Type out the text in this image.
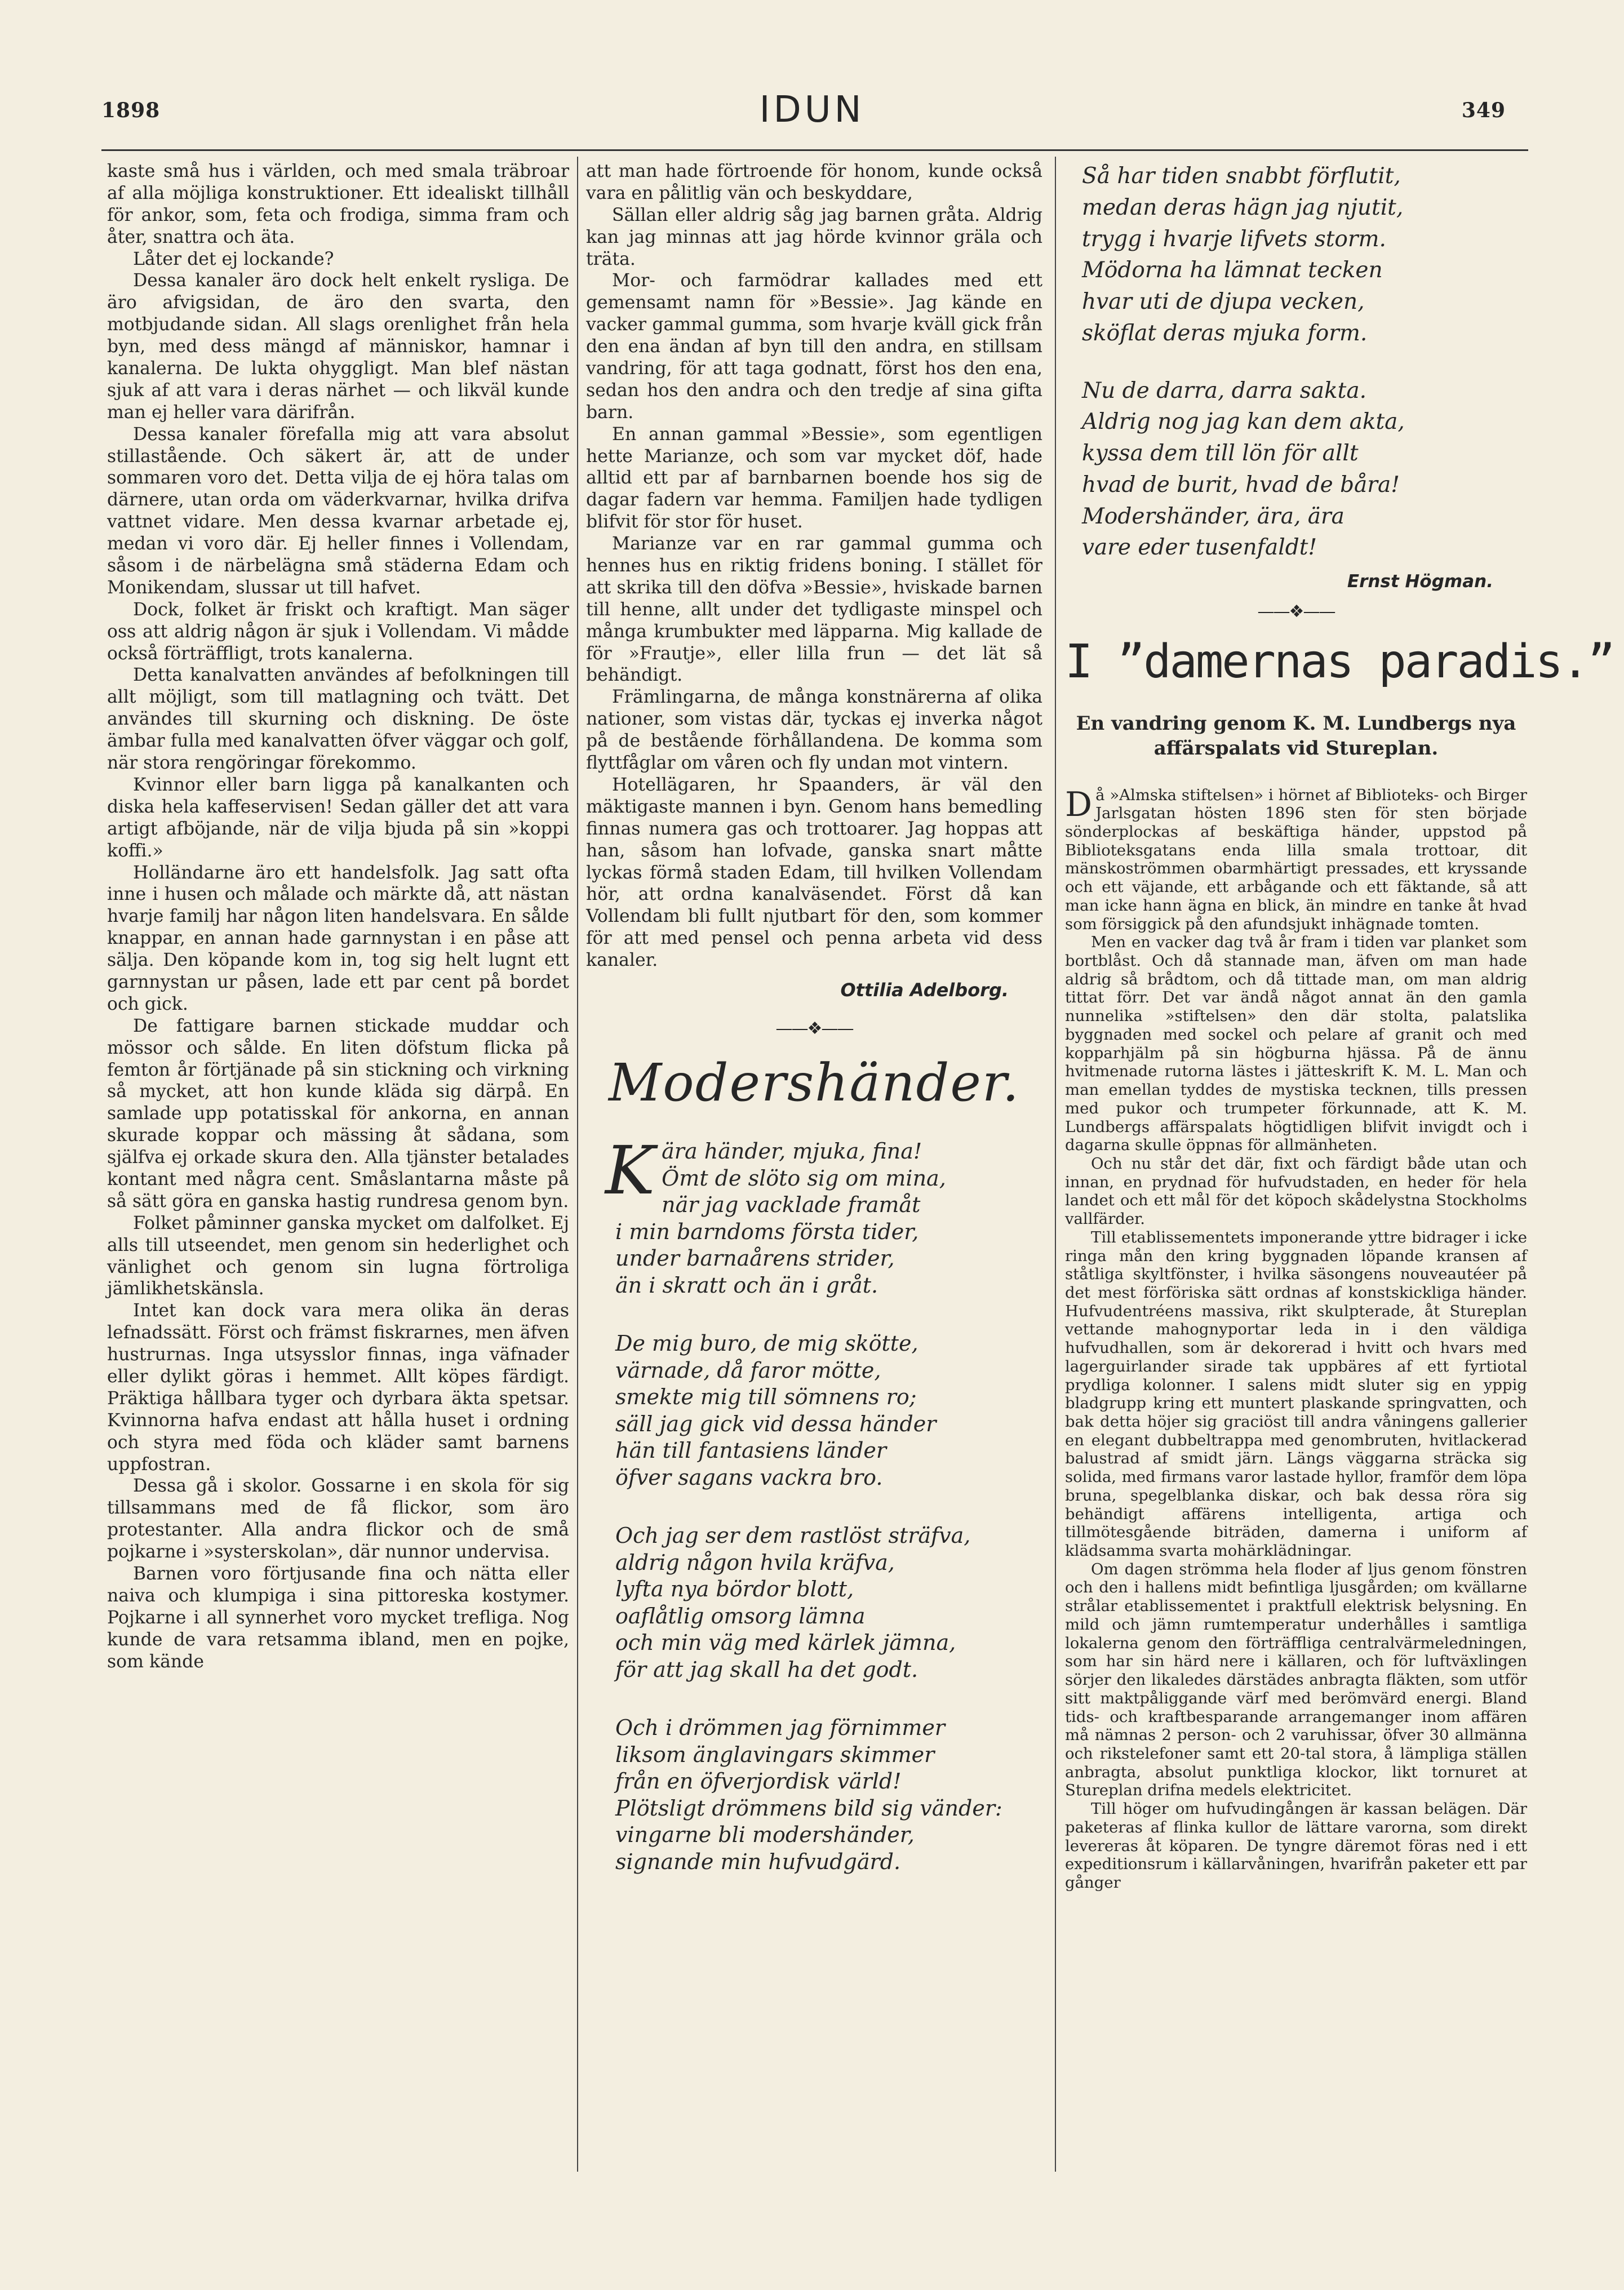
1898	IDUN	349

kaste små hus i världen, och med smala träbroar af alla möjliga konstruktioner. Ett idealiskt tillhåll för ankor, som, feta och frodiga, simma fram och åter, snattra och äta.

Låter det ej lockande?

Dessa kanaler äro dock helt enkelt rysliga. De äro afvigsidan, de äro den svarta, den motbjudande sidan. All slags orenlighet från hela byn, med dess mängd af människor, hamnar i kanalerna. De lukta ohyggligt. Man blef nästan sjuk af att vara i deras närhet — och likväl kunde man ej heller vara därifrån.

Dessa kanaler förefalla mig att vara absolut stillastående. Och säkert är, att de under sommaren voro det. Detta vilja de ej höra talas om därnere, utan orda om väderkvarnar, hvilka drifva vattnet vidare. Men dessa kvarnar arbetade ej, medan vi voro där. Ej heller finnes i Vollendam, såsom i de närbelägna små städerna Edam och Monikendam, slussar ut till hafvet.

Dock, folket är friskt och kraftigt. Man säger oss att aldrig någon är sjuk i Vollendam. Vi mådde också förträffligt, trots kanalerna.

Detta kanalvatten användes af befolkningen till allt möjligt, som till matlagning och tvätt. Det användes till skurning och diskning. De öste ämbar fulla med kanalvatten öfver väggar och golf, när stora rengöringar förekommo.

Kvinnor eller barn ligga på kanalkanten och diska hela kaffeservisen! Sedan gäller det att vara artigt afböjande, när de vilja bjuda på sin »koppi koffi.»

Holländarne äro ett handelsfolk. Jag satt ofta inne i husen och målade och märkte då, att nästan hvarje familj har någon liten handelsvara. En sålde knappar, en annan hade garnnystan i en påse att sälja. Den köpande kom in, tog sig helt lugnt ett garnnystan ur påsen, lade ett par cent på bordet och gick.

De fattigare barnen stickade muddar och mössor och sålde. En liten döfstum flicka på femton år förtjänade på sin stickning och virkning så mycket, att hon kunde kläda sig därpå. En samlade upp potatisskal för ankorna, en annan skurade koppar och mässing åt sådana, som själfva ej orkade skura den. Alla tjänster betalades kontant med några cent. Småslantarna måste på så sätt göra en ganska hastig rundresa genom byn.

Folket påminner ganska mycket om dalfolket. Ej alls till utseendet, men genom sin hederlighet och vänlighet och genom sin lugna förtroliga jämlikhetskänsla.

Intet kan dock vara mera olika än deras lefnadssätt. Först och främst fiskrarnes, men äfven hustrurnas. Inga utsysslor finnas, inga väfnader eller dylikt göras i hemmet. Allt köpes färdigt. Präktiga hållbara tyger och dyrbara äkta spetsar. Kvinnorna hafva endast att hålla huset i ordning och styra med föda och kläder samt barnens uppfostran.

Dessa gå i skolor. Gossarne i en skola för sig tillsammans med de få flickor, som äro protestanter. Alla andra flickor och de små pojkarne i »systerskolan», där nunnor undervisa.

Barnen voro förtjusande fina och nätta eller naiva och klumpiga i sina pittoreska kostymer. Pojkarne i all synnerhet voro mycket trefliga. Nog kunde de vara retsamma ibland, men en pojke, som kände

att man hade förtroende för honom, kunde också vara en pålitlig vän och beskyddare,

Sällan eller aldrig såg jag barnen gråta. Aldrig kan jag minnas att jag hörde kvinnor gräla och träta.

Mor- och farmödrar kallades med ett gemensamt namn för »Bessie». Jag kände en vacker gammal gumma, som hvarje kväll gick från den ena ändan af byn till den andra, en stillsam vandring, för att taga godnatt, först hos den ena, sedan hos den andra och den tredje af sina gifta barn.

En annan gammal »Bessie», som egentligen hette Marianze, och som var mycket döf, hade alltid ett par af barnbarnen boende hos sig de dagar fadern var hemma. Familjen hade tydligen blifvit för stor för huset.

Marianze var en rar gammal gumma och hennes hus en riktig fridens boning. I stället för att skrika till den döfva »Bessie», hviskade barnen till henne, allt under det tydligaste minspel och många krumbukter med läpparna. Mig kallade de för »Frautje», eller lilla frun — det lät så behändigt.

Främlingarna, de många konstnärerna af olika nationer, som vistas där, tyckas ej inverka något på de bestående förhållandena. De komma som flyttfåglar om våren och fly undan mot vintern.

Hotellägaren, hr Spaanders, är väl den mäktigaste mannen i byn. Genom hans bemedling finnas numera gas och trottoarer. Jag hoppas att han, såsom han lofvade, ganska snart måtte lyckas förmå staden Edam, till hvilken Vollendam hör, att ordna kanalväsendet. Först då kan Vollendam bli fullt njutbart för den, som kommer för att med pensel och penna arbeta vid dess kanaler.

Ottilia Adelborg.

——❖——
Modershänder.
K ära händer, mjuka, fina!
Ömt de slöto sig om mina,
när jag vacklade framåt
i min barndoms första tider,
under barnaårens strider,
än i skratt och än i gråt.
De mig buro, de mig skötte,
värnade, då faror mötte,
smekte mig till sömnens ro;
säll jag gick vid dessa händer
hän till fantasiens länder
öfver sagans vackra bro.
Och jag ser dem rastlöst sträfva,
aldrig någon hvila kräfva,
lyfta nya bördor blott,
oaflåtlig omsorg lämna
och min väg med kärlek jämna,
för att jag skall ha det godt.
Och i drömmen jag förnimmer
liksom änglavingars skimmer
från en öfverjordisk värld!
Plötsligt drömmens bild sig vänder:
vingarne bli modershänder,
signande min hufvudgärd.
Så har tiden snabbt förflutit,
medan deras hägn jag njutit,
trygg i hvarje lifvets storm.
Mödorna ha lämnat tecken
hvar uti de djupa vecken,
sköflat deras mjuka form.
Nu de darra, darra sakta.
Aldrig nog jag kan dem akta,
kyssa dem till lön för allt
hvad de burit, hvad de båra!
Modershänder, ära, ära
vare eder tusenfaldt!

Ernst Högman.

——❖——
I ”damernas paradis.”
En vandring genom K. M. Lundbergs nya affärspalats vid Stureplan.

Då »Almska stiftelsen» i hörnet af Biblioteks- och Birger Jarlsgatan hösten 1896 sten för sten började sönderplockas af beskäftiga händer, uppstod på Biblioteksgatans enda lilla smala trottoar, dit mänskoströmmen obarmhärtigt pressades, ett kryssande och ett väjande, ett arbågande och ett fäktande, så att man icke hann ägna en blick, än mindre en tanke åt hvad som försiggick på den afundsjukt inhägnade tomten.

Men en vacker dag två år fram i tiden var planket som bortblåst. Och då stannade man, äfven om man hade aldrig så brådtom, och då tittade man, om man aldrig tittat förr. Det var ändå något annat än den gamla nunnelika »stiftelsen» den där stolta, palatslika byggnaden med sockel och pelare af granit och med kopparhjälm på sin högburna hjässa. På de ännu hvitmenade rutorna lästes i jätteskrift K. M. L. Man och man emellan tyddes de mystiska tecknen, tills pressen med pukor och trumpeter förkunnade, att K. M. Lundbergs affärspalats högtidligen blifvit invigdt och i dagarna skulle öppnas för allmänheten.

Och nu står det där, fixt och färdigt både utan och innan, en prydnad för hufvudstaden, en heder för hela landet och ett mål för det köpoch skådelystna Stockholms vallfärder.

Till etablissementets imponerande yttre bidrager i icke ringa mån den kring byggnaden löpande kransen af ståtliga skyltfönster, i hvilka säsongens nouveautéer på det mest förföriska sätt ordnas af konstskickliga händer. Hufvudentréens massiva, rikt skulpterade, åt Stureplan vettande mahognyportar leda in i den väldiga hufvudhallen, som är dekorerad i hvitt och hvars med lagerguirlander sirade tak uppbäres af ett fyrtiotal prydliga kolonner. I salens midt sluter sig en yppig bladgrupp kring ett muntert plaskande springvatten, och bak detta höjer sig graciöst till andra våningens gallerier en elegant dubbeltrappa med genombruten, hvitlackerad balustrad af smidt järn. Längs väggarna sträcka sig solida, med firmans varor lastade hyllor, framför dem löpa bruna, spegelblanka diskar, och bak dessa röra sig behändigt affärens intelligenta, artiga och tillmötesgående biträden, damerna i uniform af klädsamma svarta mohärklädningar.

Om dagen strömma hela floder af ljus genom fönstren och den i hallens midt befintliga ljusgården; om kvällarne strålar etablissementet i praktfull elektrisk belysning. En mild och jämn rumtemperatur underhålles i samtliga lokalerna genom den förträffliga centralvärmeledningen, som har sin härd nere i källaren, och för luftväxlingen sörjer den likaledes därstädes anbragta fläkten, som utför sitt maktpåliggande värf med berömvärd energi. Bland tids- och kraftbesparande arrangemanger inom affären må nämnas 2 person- och 2 varuhissar, öfver 30 allmänna och rikstelefoner samt ett 20-tal stora, å lämpliga ställen anbragta, absolut punktliga klockor, likt tornuret at Stureplan drifna medels elektricitet.

Till höger om hufvudingången är kassan belägen. Där paketeras af flinka kullor de lättare varorna, som direkt levereras åt köparen. De tyngre däremot föras ned i ett expeditionsrum i källarvåningen, hvarifrån paketer ett par gånger
